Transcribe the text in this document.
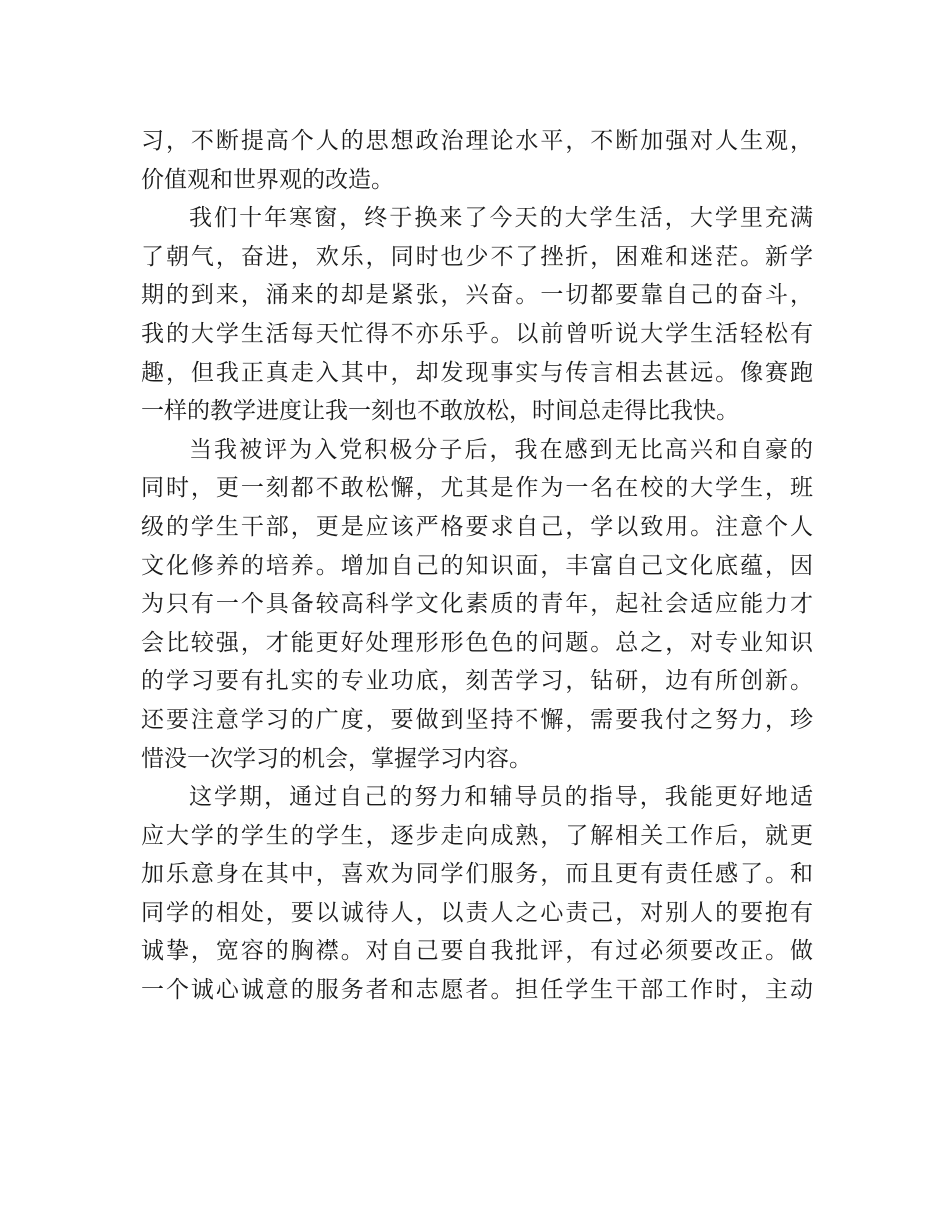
习，不断提高个人的思想政治理论水平，不断加强对人生观，
价值观和世界观的改造。
我们十年寒窗，终于换来了今天的大学生活，大学里充满
了朝气，奋进，欢乐，同时也少不了挫折，困难和迷茫。新学
期的到来，涌来的却是紧张，兴奋。一切都要靠自己的奋斗，
我的大学生活每天忙得不亦乐乎。以前曾听说大学生活轻松有
趣，但我正真走入其中，却发现事实与传言相去甚远。像赛跑
一样的教学进度让我一刻也不敢放松，时间总走得比我快。
当我被评为入党积极分子后，我在感到无比高兴和自豪的
同时，更一刻都不敢松懈，尤其是作为一名在校的大学生，班
级的学生干部，更是应该严格要求自己，学以致用。注意个人
文化修养的培养。增加自己的知识面，丰富自己文化底蕴，因
为只有一个具备较高科学文化素质的青年，起社会适应能力才
会比较强，才能更好处理形形色色的问题。总之，对专业知识
的学习要有扎实的专业功底，刻苦学习，钻研，边有所创新。
还要注意学习的广度，要做到坚持不懈，需要我付之努力，珍
惜没一次学习的机会，掌握学习内容。
这学期，通过自己的努力和辅导员的指导，我能更好地适
应大学的学生的学生，逐步走向成熟，了解相关工作后，就更
加乐意身在其中，喜欢为同学们服务，而且更有责任感了。和
同学的相处，要以诚待人，以责人之心责己，对别人的要抱有
诚挚，宽容的胸襟。对自己要自我批评，有过必须要改正。做
一个诚心诚意的服务者和志愿者。担任学生干部工作时，主动
